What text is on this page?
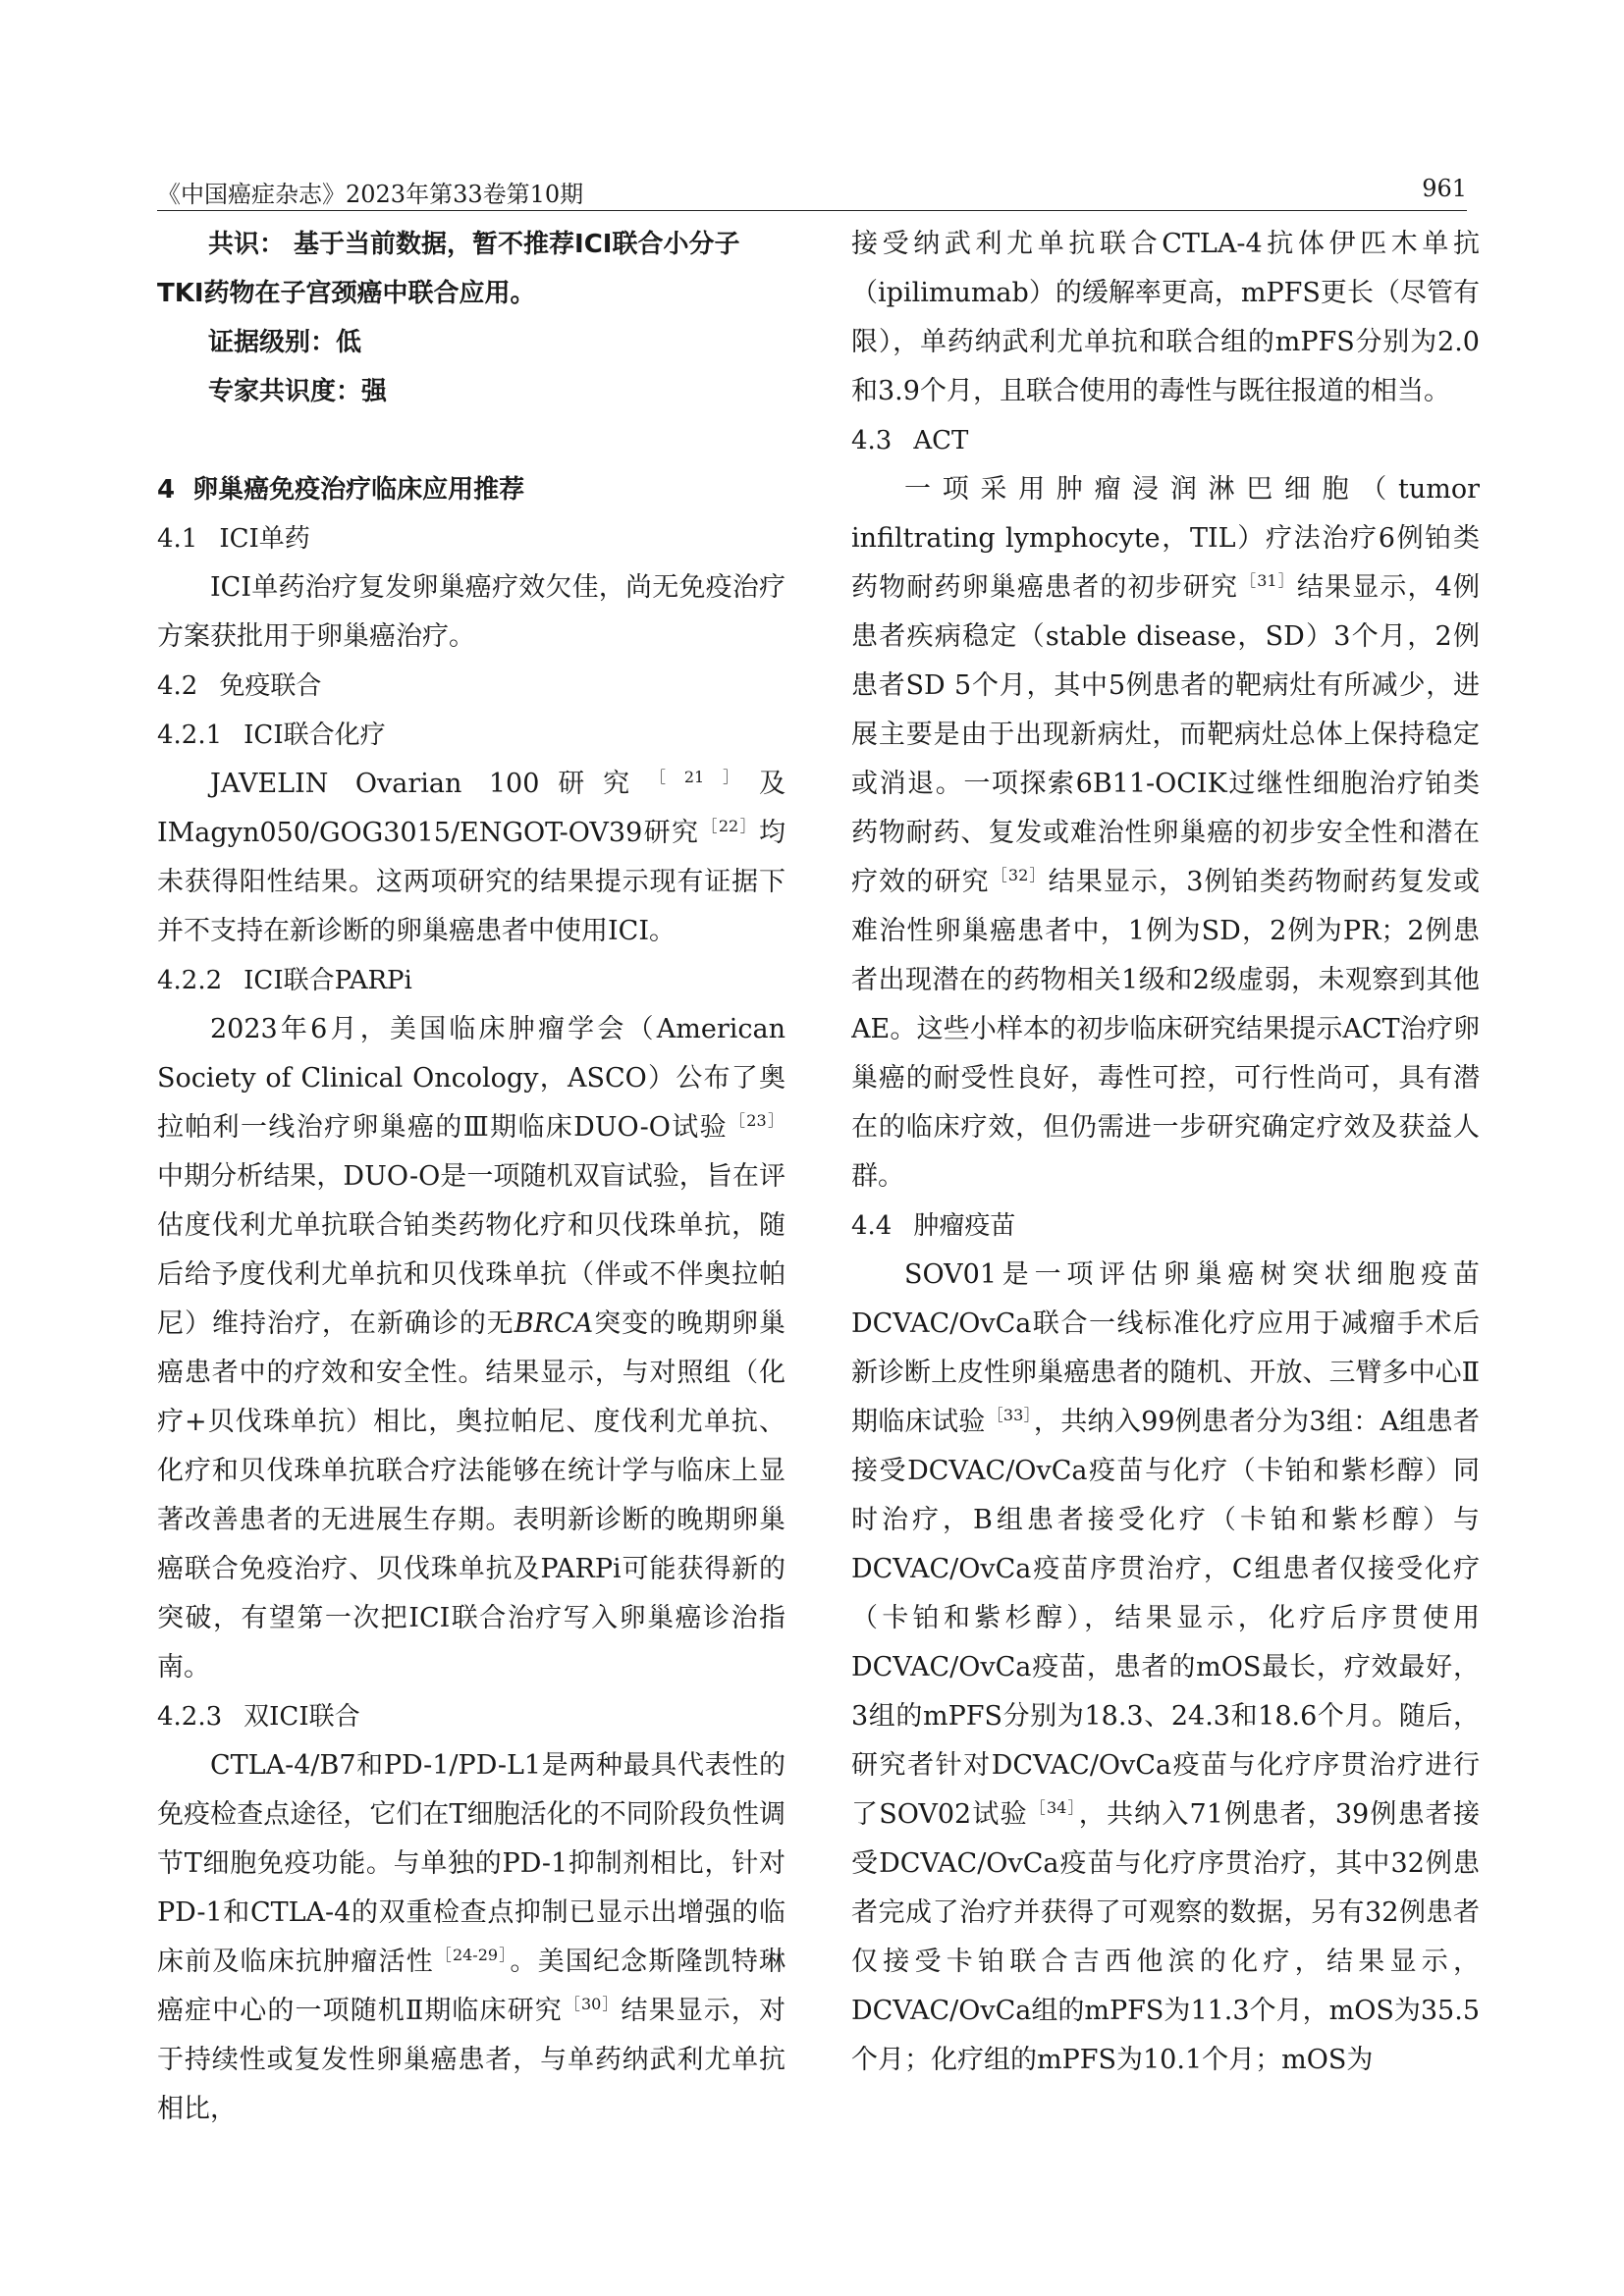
《中国癌症杂志》2023年第33卷第10期	961

共识： 基于当前数据，暂不推荐ICI联合小分子TKI药物在子宫颈癌中联合应用。

证据级别：低

专家共识度：强

4 卵巢癌免疫治疗临床应用推荐
4.1 ICI单药

ICI单药治疗复发卵巢癌疗效欠佳，尚无免疫治疗方案获批用于卵巢癌治疗。

4.2 免疫联合
4.2.1 ICI联合化疗

JAVELIN Ovarian 100研究 $^{[21]}$及IMagyn050/GOG3015/ENGOT-OV39研究 $^{[22]}$均未获得阳性结果。这两项研究的结果提示现有证据下并不支持在新诊断的卵巢癌患者中使用ICI。

4.2.2 ICI联合PARPi

2023年6月，美国临床肿瘤学会（American Society of Clinical Oncology，ASCO）公布了奥拉帕利一线治疗卵巢癌的Ⅲ期临床DUO-O试验 $^{[23]}$中期分析结果，DUO-O是一项随机双盲试验，旨在评估度伐利尤单抗联合铂类药物化疗和贝伐珠单抗，随后给予度伐利尤单抗和贝伐珠单抗（伴或不伴奥拉帕尼）维持治疗，在新确诊的无BRCA突变的晚期卵巢癌患者中的疗效和安全性。结果显示，与对照组（化疗+贝伐珠单抗）相比，奥拉帕尼、度伐利尤单抗、化疗和贝伐珠单抗联合疗法能够在统计学与临床上显著改善患者的无进展生存期。表明新诊断的晚期卵巢癌联合免疫治疗、贝伐珠单抗及PARPi可能获得新的突破，有望第一次把ICI联合治疗写入卵巢癌诊治指南。

4.2.3 双ICI联合

CTLA-4/B7和PD-1/PD-L1是两种最具代表性的免疫检查点途径，它们在T细胞活化的不同阶段负性调节T细胞免疫功能。与单独的PD-1抑制剂相比，针对PD-1和CTLA-4的双重检查点抑制已显示出增强的临床前及临床抗肿瘤活性 $^{[24-29]}$。美国纪念斯隆凯特琳癌症中心的一项随机Ⅱ期临床研究 $^{[30]}$结果显示，对于持续性或复发性卵巢癌患者，与单药纳武利尤单抗相比，

接受纳武利尤单抗联合CTLA-4抗体伊匹木单抗（ipilimumab）的缓解率更高，mPFS更长（尽管有限），单药纳武利尤单抗和联合组的mPFS分别为2.0和3.9个月，且联合使用的毒性与既往报道的相当。

4.3 ACT

一项采用肿瘤浸润淋巴细胞（tumor infiltrating lymphocyte，TIL）疗法治疗6例铂类药物耐药卵巢癌患者的初步研究 $^{[31]}$结果显示，4例患者疾病稳定（stable disease，SD）3个月，2例患者SD 5个月，其中5例患者的靶病灶有所减少，进展主要是由于出现新病灶，而靶病灶总体上保持稳定或消退。一项探索6B11-OCIK过继性细胞治疗铂类药物耐药、复发或难治性卵巢癌的初步安全性和潜在疗效的研究 $^{[32]}$结果显示，3例铂类药物耐药复发或难治性卵巢癌患者中，1例为SD，2例为PR；2例患者出现潜在的药物相关1级和2级虚弱，未观察到其他AE。这些小样本的初步临床研究结果提示ACT治疗卵巢癌的耐受性良好，毒性可控，可行性尚可，具有潜在的临床疗效，但仍需进一步研究确定疗效及获益人群。

4.4 肿瘤疫苗

SOV01是一项评估卵巢癌树突状细胞疫苗DCVAC/OvCa联合一线标准化疗应用于减瘤手术后新诊断上皮性卵巢癌患者的随机、开放、三臂多中心Ⅱ期临床试验 $^{[33]}$，共纳入99例患者分为3组：A组患者接受DCVAC/OvCa疫苗与化疗（卡铂和紫杉醇）同时治疗，B组患者接受化疗（卡铂和紫杉醇）与DCVAC/OvCa疫苗序贯治疗，C组患者仅接受化疗（卡铂和紫杉醇），结果显示，化疗后序贯使用DCVAC/OvCa疫苗，患者的mOS最长，疗效最好，3组的mPFS分别为18.3、24.3和18.6个月。随后，研究者针对DCVAC/OvCa疫苗与化疗序贯治疗进行了SOV02试验 $^{[34]}$，共纳入71例患者，39例患者接受DCVAC/OvCa疫苗与化疗序贯治疗，其中32例患者完成了治疗并获得了可观察的数据，另有32例患者仅接受卡铂联合吉西他滨的化疗，结果显示，DCVAC/OvCa组的mPFS为11.3个月，mOS为35.5个月；化疗组的mPFS为10.1个月；mOS为
